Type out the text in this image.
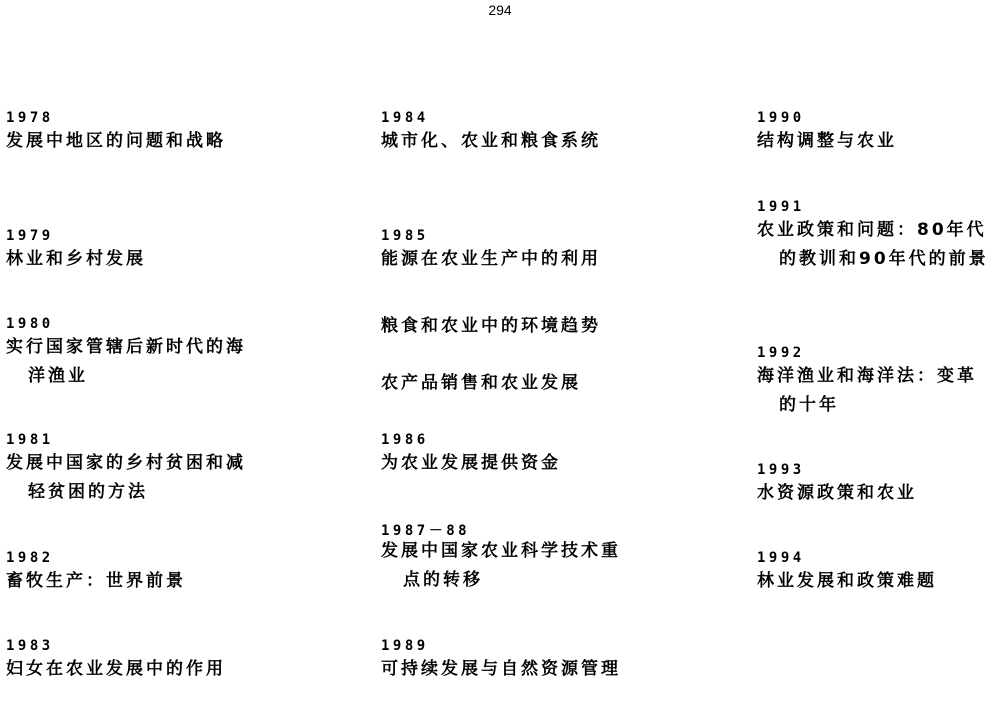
294
1978
发展中地区的问题和战略
1979
林业和乡村发展
1980
实行国家管辖后新时代的海洋渔业
1981
发展中国家的乡村贫困和减轻贫困的方法
1982
畜牧生产：世界前景
1983
妇女在农业发展中的作用
1984
城市化、农业和粮食系统
1985
能源在农业生产中的利用
粮食和农业中的环境趋势
农产品销售和农业发展
1986
为农业发展提供资金
1987－88
发展中国家农业科学技术重点的转移
1989
可持续发展与自然资源管理
1990
结构调整与农业
1991
农业政策和问题：80年代的教训和90年代的前景
1992
海洋渔业和海洋法：变革的十年
1993
水资源政策和农业
1994
林业发展和政策难题
